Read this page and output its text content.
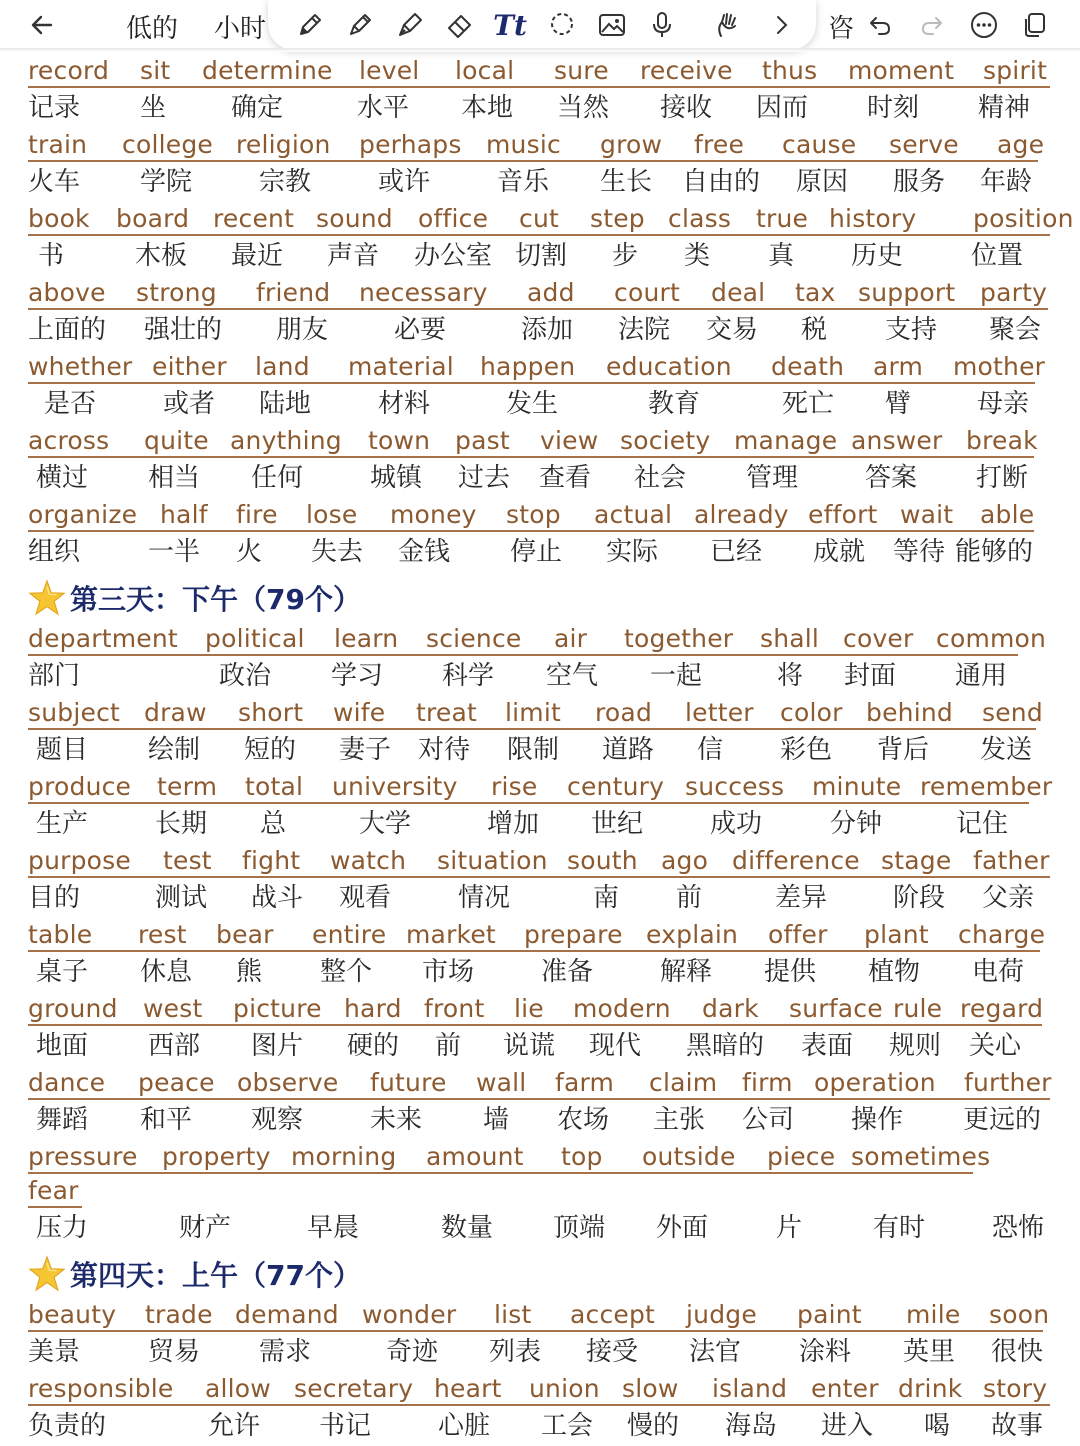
record sit determine level local sure receive thus moment spirit
记录 坐 确定	水平 本地 当然 接收 因而 时刻 精神
train college religion perhaps music grow free cause serve age
火车 学院	宗教	或许	音乐 生长 自由的 原因 服务 年龄
book board recent sound office cut step class true history position
书	木板 最近 声音 办公室 切割 步 类 真 历史	位置
above strong friend necessary add court deal tax support party
上面的 强壮的 朋友	必要	添加 法院 交易 税 支持 聚会
whether either land material happen education death arm mother
是否	或者 陆地	材料	发生	教育	死亡 臂	母亲
across quite anything town past view society manage answer break
横过 相当 任何	城镇 过去 查看 社会 管理	答案 打断
organize half fire lose money stop actual already effort wait able
组织	一半 火 失去 金钱 停止 实际 已经 成就 等待 能够的
第三天：下午（79个）
department political learn science air together shall cover common
部门	政治 学习 科学 空气 一起	将 封面 通用
subject draw short wife treat limit road letter color behind send
题目 绘制 短的 妻子 对待 限制 道路 信 彩色 背后 发送
produce term total university rise century success minute remember
生产	长期 总	大学	增加 世纪	成功	分钟	记住
purpose test fight watch situation south ago difference stage father
目的	测试 战斗 观看	情况	南 前	差异	阶段 父亲
table rest bear entire market prepare explain offer plant charge
桌子 休息 熊 整个 市场	准备	解释 提供 植物 电荷
ground west picture hard front lie modern dark surface rule regard
地面 西部 图片 硬的 前 说谎 现代 黑暗的 表面 规则 关心
dance peace observe future wall farm claim firm operation further
舞蹈 和平 观察	未来 墙 农场 主张 公司 操作 更远的
pressure property morning amount top outside piece sometimes
fear
压力	财产	早晨	数量 顶端 外面	片	有时	恐怖
第四天：上午（77个）
beauty trade demand wonder list accept judge paint mile soon
美景	贸易 需求	奇迹 列表 接受 法官 涂料 英里 很快
responsible allow secretary heart union slow island enter drink story
负责的	允许 书记	心脏 工会 慢的 海岛 进入 喝 故事
低的 小时	Tt	咨
